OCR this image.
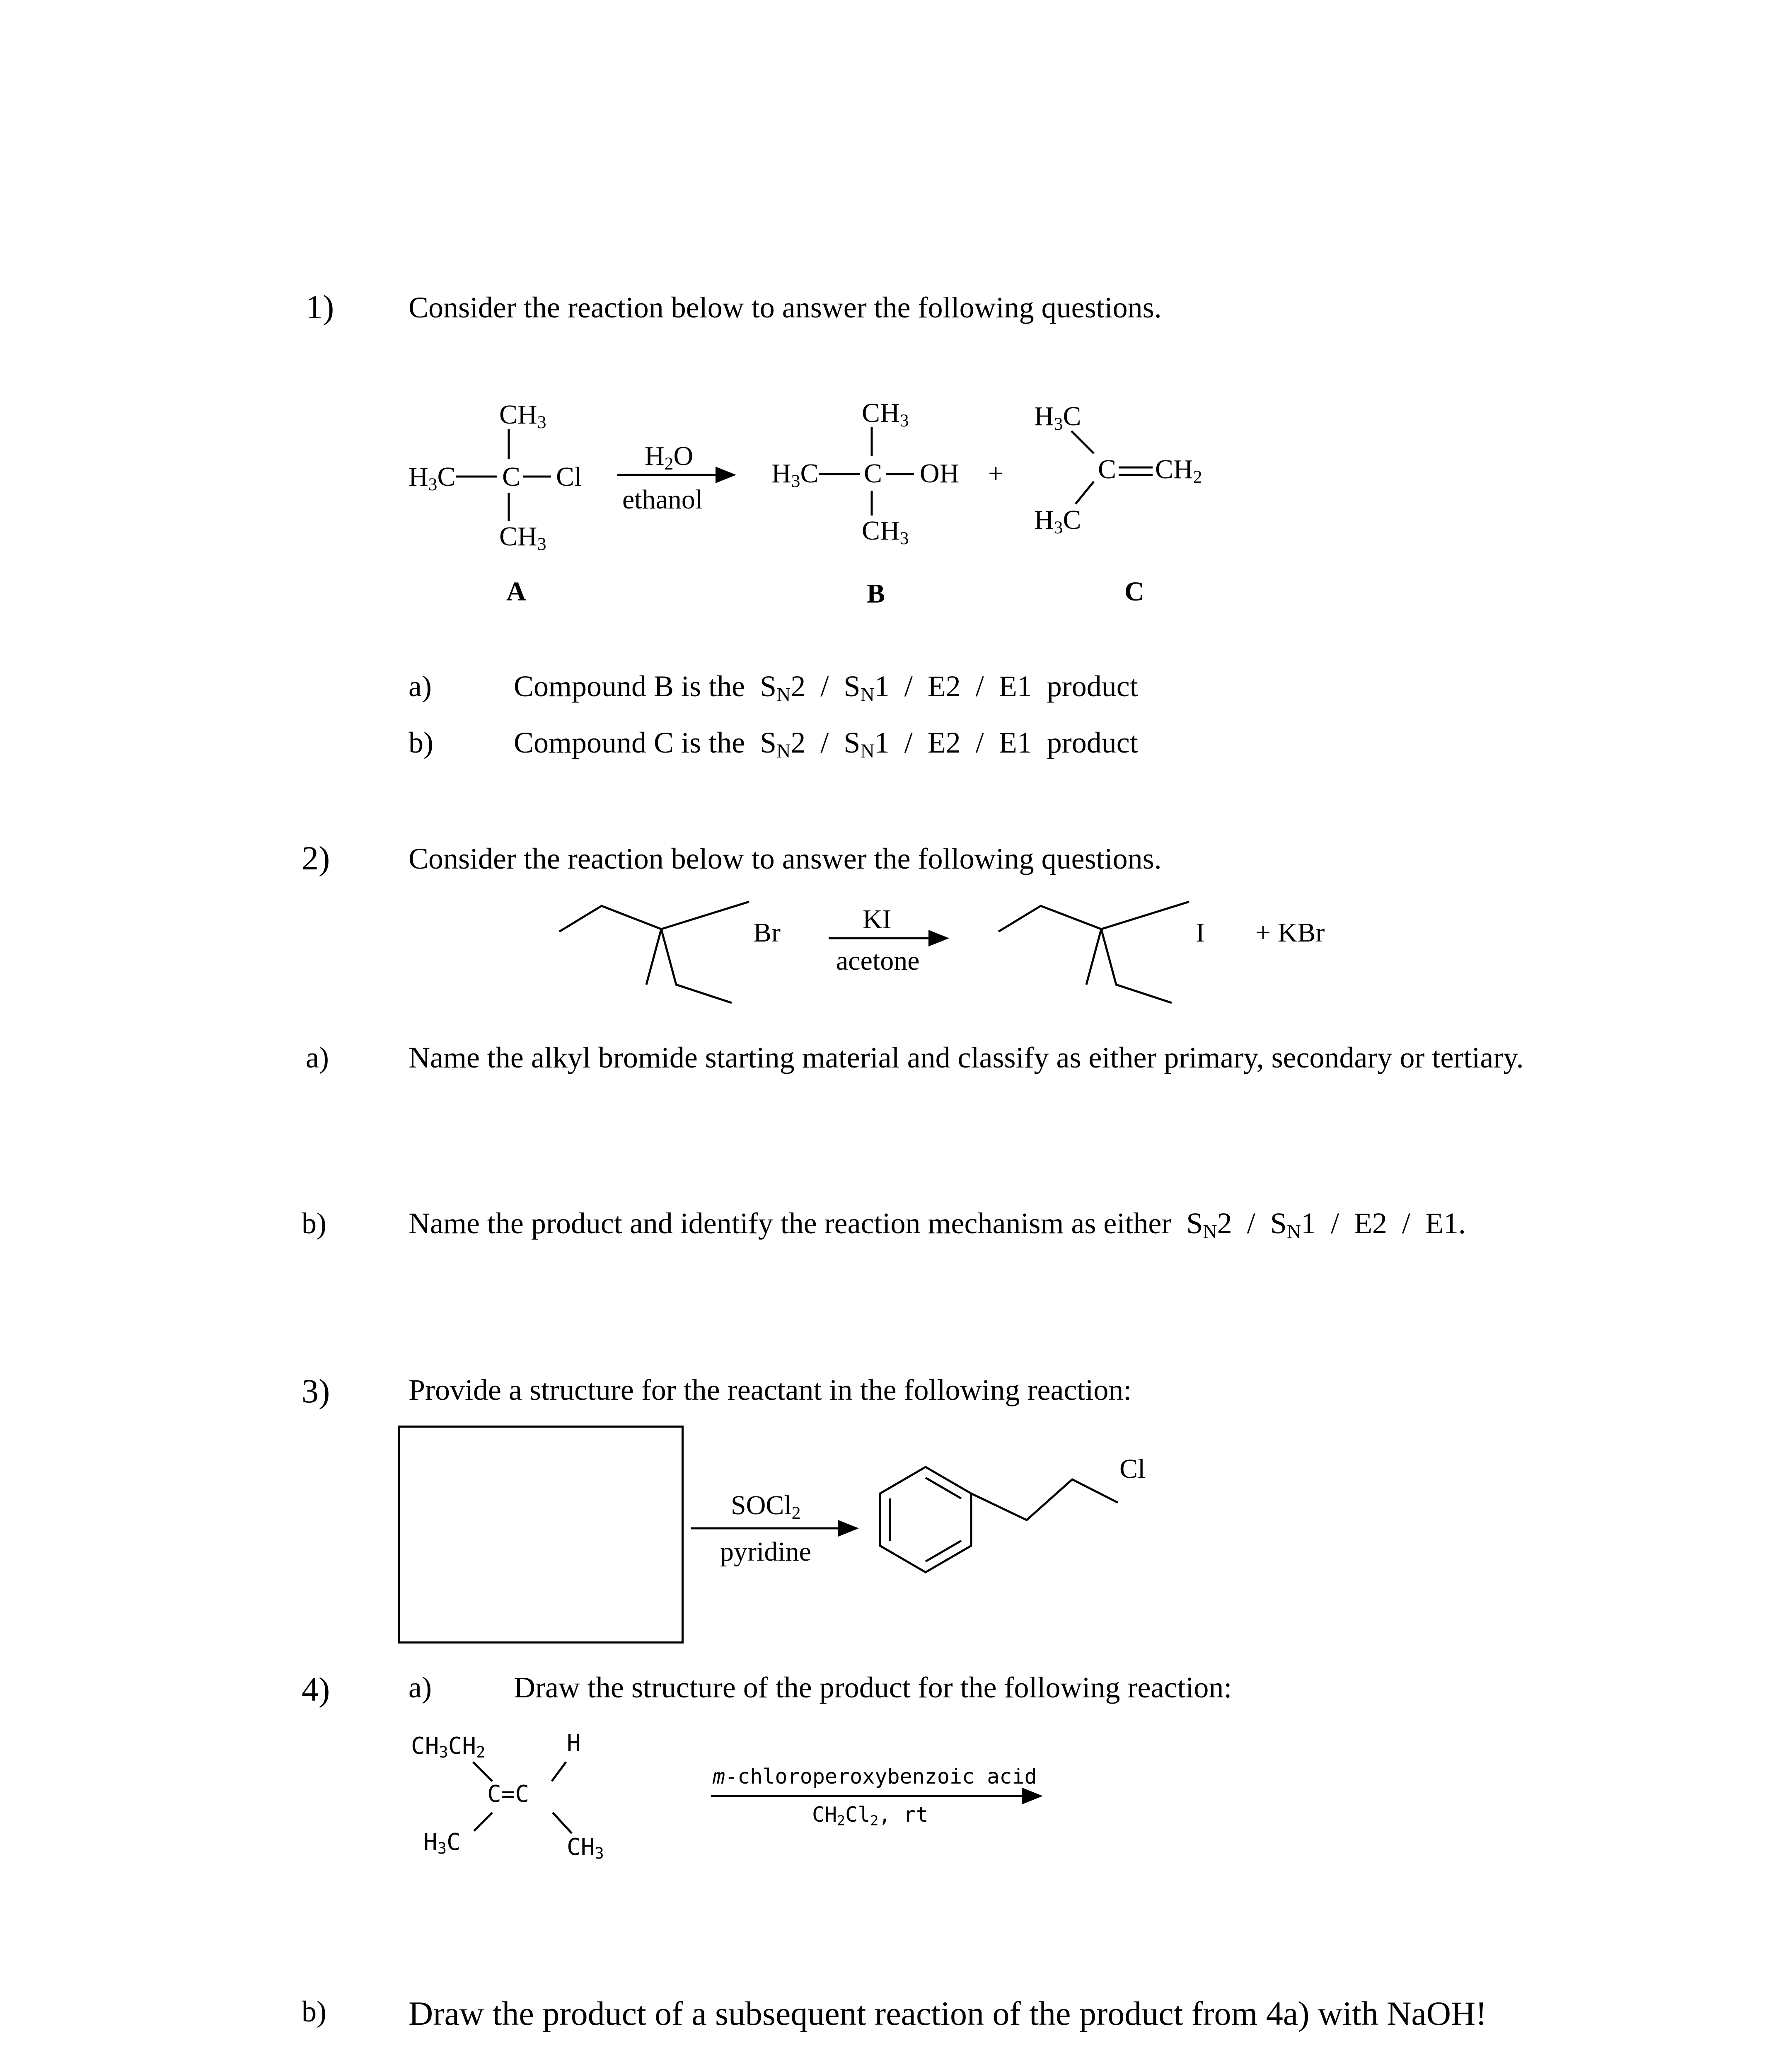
1) Consider the reaction below to answer the following questions.
$CH_3$
$H_3C$ C Cl
$CH_3$
A
$H_2O$
ethanol
$CH_3$
$H_3C$ C OH
$CH_3$
B
+
$H_3C$
C $CH_2$
$H_3C$
C
a)	Compound B is the  $S_N2 / S_N1 / E2 / E1$ product
b)	Compound C is the  $S_N2 / S_N1 / E2 / E1$ product
2)	Consider the reaction below to answer the following questions.
Br	KI
acetone
I + KBr
a)	Name the alkyl bromide starting material and classify as either primary, secondary or tertiary.
b)	Name the product and identify the reaction mechanism as either  $S_N2 / S_N1 / E2 / E1$.
3)	Provide a structure for the reactant in the following reaction:
SOCl$_2$
pyridine
Cl
4)	a)	Draw the structure of the product for the following reaction:
$CH_3CH_2$	H
C=C
$H_3C$	$CH_3$
m-chloroperoxybenzoic acid
$CH_2Cl_2$, rt
b) Draw the product of a subsequent reaction of the product from 4a) with NaOH!
